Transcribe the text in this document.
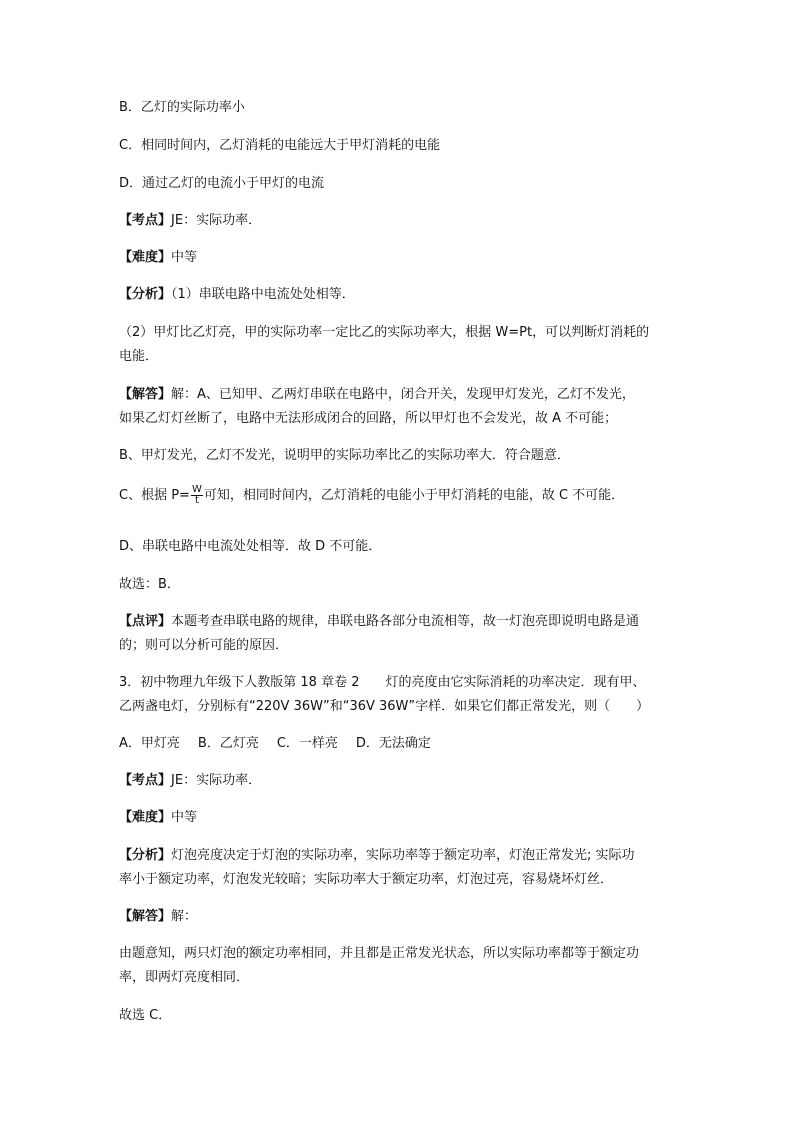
B．乙灯的实际功率小
C．相同时间内，乙灯消耗的电能远大于甲灯消耗的电能
D．通过乙灯的电流小于甲灯的电流
【考点】JE：实际功率．
【难度】中等
【分析】（1）串联电路中电流处处相等．
（2）甲灯比乙灯亮，甲的实际功率一定比乙的实际功率大，根据 W=Pt，可以判断灯消耗的
电能．
【解答】解：A、已知甲、乙两灯串联在电路中，闭合开关，发现甲灯发光，乙灯不发光，
如果乙灯灯丝断了，电路中无法形成闭合的回路，所以甲灯也不会发光，故 A 不可能；
B、甲灯发光，乙灯不发光，说明甲的实际功率比乙的实际功率大．符合题意．
C、根据 $P= \frac{W}{t}$ 可知，相同时间内，乙灯消耗的电能小于甲灯消耗的电能，故 C 不可能．
D、串联电路中电流处处相等．故 D 不可能．
故选：B．
【点评】本题考查串联电路的规律，串联电路各部分电流相等，故一灯泡亮即说明电路是通
的；则可以分析可能的原因．
3．初中物理九年级下人教版第 18 章卷 2　　灯的亮度由它实际消耗的功率决定．现有甲、
乙两盏电灯，分别标有“220V 36W”和“36V 36W”字样．如果它们都正常发光，则（　　）
A．甲灯亮 B．乙灯亮 C．一样亮 D．无法确定
【考点】JE：实际功率．
【难度】中等
【分析】灯泡亮度决定于灯泡的实际功率，实际功率等于额定功率，灯泡正常发光; 实际功
率小于额定功率，灯泡发光较暗；实际功率大于额定功率，灯泡过亮，容易烧坏灯丝．
【解答】解：
由题意知，两只灯泡的额定功率相同，并且都是正常发光状态，所以实际功率都等于额定功
率，即两灯亮度相同．
故选 C．
